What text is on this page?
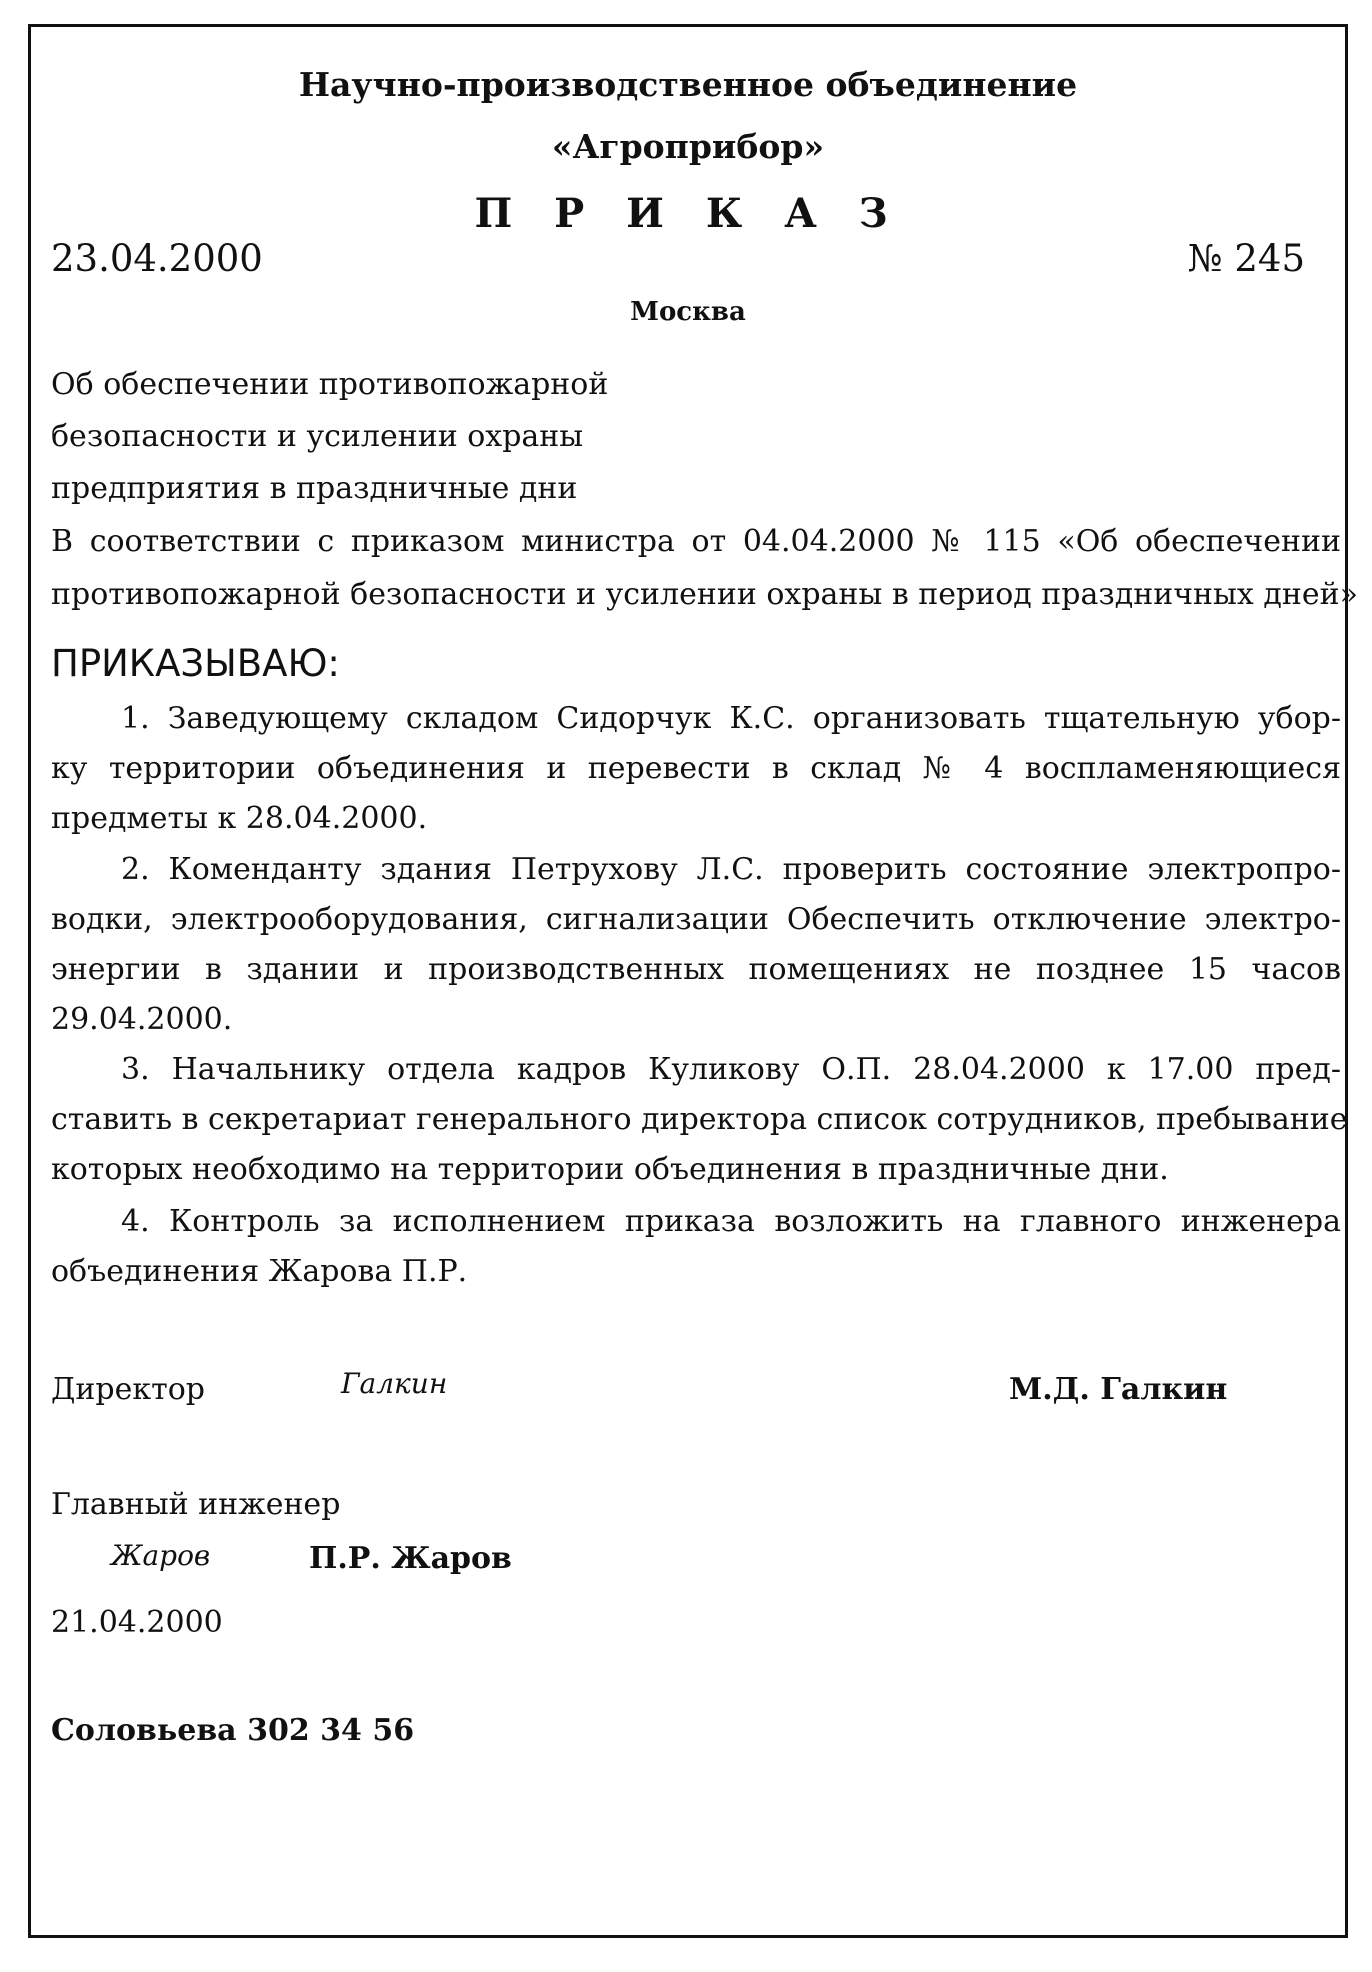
Научно-производственное объединение
«Агроприбор»
П Р И К А З
23.04.2000	№ 245
Москва
Об обеспечении противопожарной
безопасности и усилении охраны
предприятия в праздничные дни
В соответствии с приказом министра от 04.04.2000 № 115 «Об обеспечении
противопожарной безопасности и усилении охраны в период праздничных дней»
ПРИКАЗЫВАЮ:
1. Заведующему складом Сидорчук К.С. организовать тщательную убор-
ку территории объединения и перевести в склад № 4 воспламеняющиеся
предметы к 28.04.2000.
2. Коменданту здания Петрухову Л.С. проверить состояние электропро-
водки, электрооборудования, сигнализации Обеспечить отключение электро-
энергии в здании и производственных помещениях не позднее 15 часов
29.04.2000.
3. Начальнику отдела кадров Куликову О.П. 28.04.2000 к 17.00 пред-
ставить в секретариат генерального директора список сотрудников, пребывание
которых необходимо на территории объединения в праздничные дни.
4. Контроль за исполнением приказа возложить на главного инженера
объединения Жарова П.Р.
Директор	Галкин	М.Д. Галкин
Главный инженер
Жаров	П.Р. Жаров
21.04.2000
Соловьева 302 34 56
